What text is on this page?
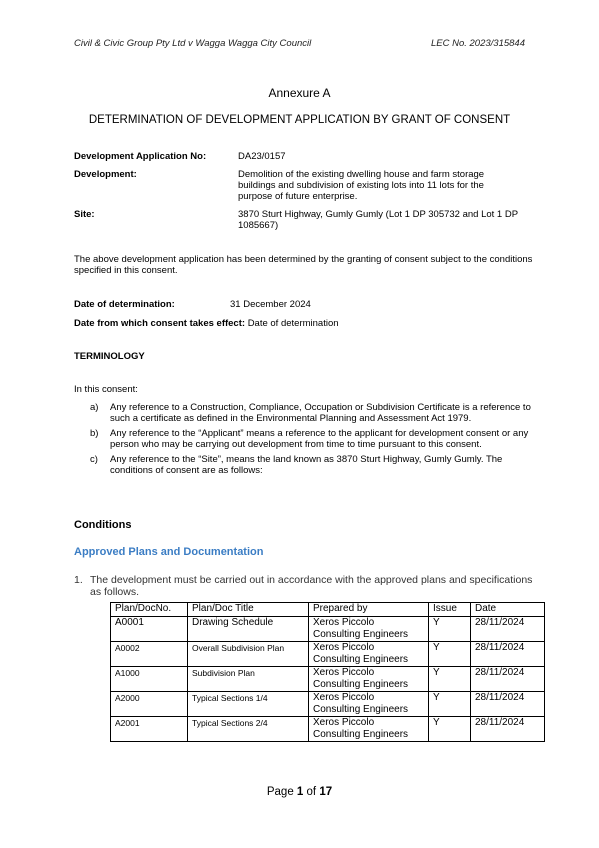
Civil & Civic Group Pty Ltd v Wagga Wagga City Council	LEC No. 2023/315844
Annexure A
DETERMINATION OF DEVELOPMENT APPLICATION BY GRANT OF CONSENT
Development Application No:	DA23/0157
Development:	Demolition of the existing dwelling house and farm storage buildings and subdivision of existing lots into 11 lots for the purpose of future enterprise.
Site:	3870 Sturt Highway, Gumly Gumly (Lot 1 DP 305732 and Lot 1 DP 1085667)
The above development application has been determined by the granting of consent subject to the conditions specified in this consent.
Date of determination:	31 December 2024
Date from which consent takes effect: Date of determination
TERMINOLOGY
In this consent:
a)	Any reference to a Construction, Compliance, Occupation or Subdivision Certificate is a reference to such a certificate as defined in the Environmental Planning and Assessment Act 1979.
b)	Any reference to the “Applicant” means a reference to the applicant for development consent or any person who may be carrying out development from time to time pursuant to this consent.
c)	Any reference to the “Site”, means the land known as 3870 Sturt Highway, Gumly Gumly. The conditions of consent are as follows:
Conditions
Approved Plans and Documentation
1. The development must be carried out in accordance with the approved plans and specifications as follows.
Plan/DocNo.	Plan/Doc Title	Prepared by	Issue	Date
A0001	Drawing Schedule	Xeros Piccolo Consulting Engineers	Y	28/11/2024
A0002	Overall Subdivision Plan	Xeros Piccolo Consulting Engineers	Y	28/11/2024
A1000	Subdivision Plan	Xeros Piccolo Consulting Engineers	Y	28/11/2024
A2000	Typical Sections 1/4	Xeros Piccolo Consulting Engineers	Y	28/11/2024
A2001	Typical Sections 2/4	Xeros Piccolo Consulting Engineers	Y	28/11/2024
Page 1 of 17
